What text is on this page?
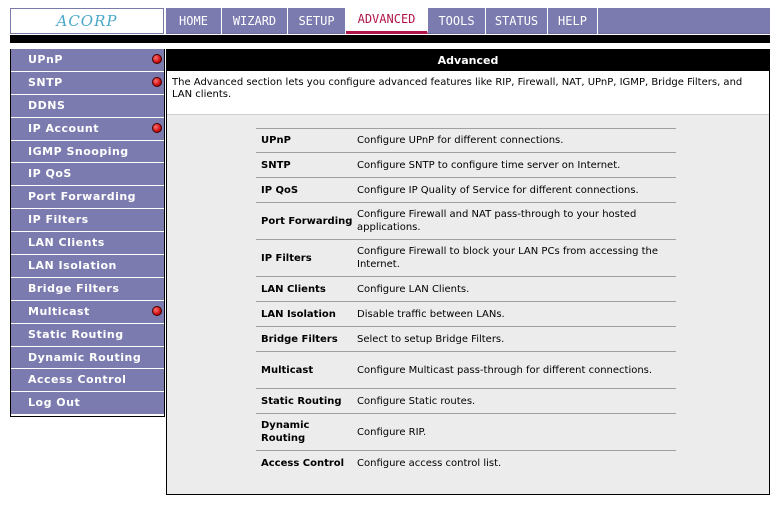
ACORP	HOME	WIZARD	SETUP	ADVANCED	TOOLS	STATUS	HELP
UPnP
SNTP
DDNS
IP Account
IGMP Snooping
IP QoS
Port Forwarding
IP Filters
LAN Clients
LAN Isolation
Bridge Filters
Multicast
Static Routing
Dynamic Routing
Access Control
Log Out
Advanced
The Advanced section lets you configure advanced features like RIP, Firewall, NAT, UPnP, IGMP, Bridge Filters, and LAN clients.
UPnP	Configure UPnP for different connections.
SNTP	Configure SNTP to configure time server on Internet.
IP QoS	Configure IP Quality of Service for different connections.
Port Forwarding	Configure Firewall and NAT pass-through to your hosted applications.
IP Filters	Configure Firewall to block your LAN PCs from accessing the Internet.
LAN Clients	Configure LAN Clients.
LAN Isolation	Disable traffic between LANs.
Bridge Filters	Select to setup Bridge Filters.
Multicast	Configure Multicast pass-through for different connections.
Static Routing	Configure Static routes.
Dynamic Routing	Configure RIP.
Access Control	Configure access control list.
